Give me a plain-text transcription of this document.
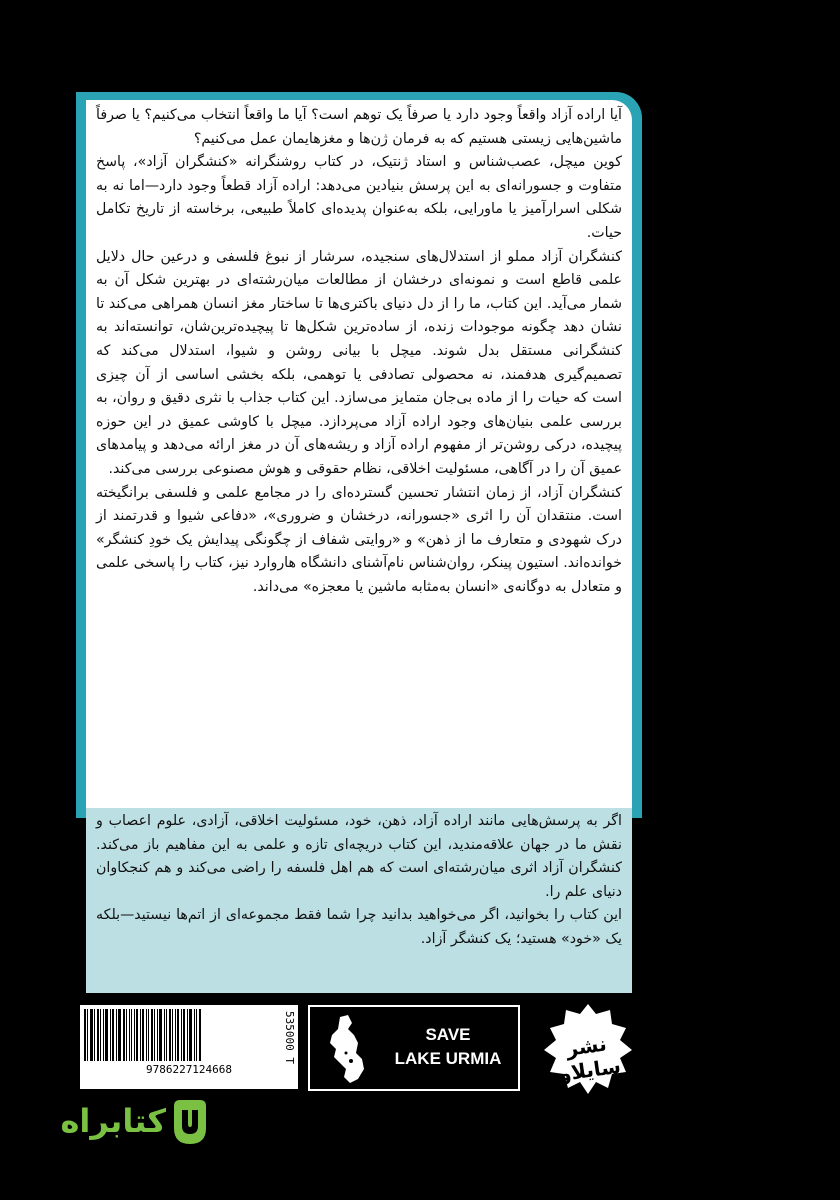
آیا اراده آزاد واقعاً وجود دارد یا صرفاً یک توهم است؟ آیا ما واقعاً انتخاب می‌کنیم؟ یا صرفاً ماشین‌هایی زیستی هستیم که به فرمان ژن‌ها و مغزهایمان عمل می‌کنیم؟

کوین میچل، عصب‌شناس و استاد ژنتیک، در کتاب روشنگرانه «کنشگران آزاد»، پاسخ متفاوت و جسورانه‌ای به این پرسش بنیادین می‌دهد: اراده آزاد قطعاً وجود دارد—اما نه به شکلی اسرارآمیز یا ماورایی، بلکه به‌عنوان پدیده‌ای کاملاً طبیعی، برخاسته از تاریخ تکامل حیات.

کنشگران آزاد مملو از استدلال‌های سنجیده، سرشار از نبوغ فلسفی و درعین حال دلایل علمی قاطع است و نمونه‌ای درخشان از مطالعات میان‌رشته‌ای در بهترین شکل آن به شمار می‌آید. این کتاب، ما را از دل دنیای باکتری‌ها تا ساختار مغز انسان همراهی می‌کند تا نشان دهد چگونه موجودات زنده، از ساده‌ترین شکل‌ها تا پیچیده‌ترین‌شان، توانسته‌اند به کنشگرانی مستقل بدل شوند. میچل با بیانی روشن و شیوا، استدلال می‌کند که تصمیم‌گیری هدفمند، نه محصولی تصادفی یا توهمی، بلکه بخشی اساسی از آن چیزی است که حیات را از ماده بی‌جان متمایز می‌سازد. این کتاب جذاب با نثری دقیق و روان، به بررسی علمی بنیان‌های وجود اراده آزاد می‌پردازد. میچل با کاوشی عمیق در این حوزه پیچیده، درکی روشن‌تر از مفهوم اراده آزاد و ریشه‌های آن در مغز ارائه می‌دهد و پیامدهای عمیق آن را در آگاهی، مسئولیت اخلاقی، نظام حقوقی و هوش مصنوعی بررسی می‌کند.

کنشگران آزاد، از زمان انتشار تحسین گسترده‌ای را در مجامع علمی و فلسفی برانگیخته است. منتقدان آن را اثری «جسورانه، درخشان و ضروری»، «دفاعی شیوا و قدرتمند از درک شهودی و متعارف ما از ذهن» و «روایتی شفاف از چگونگی پیدایش یک خودِ کنشگر» خوانده‌اند. استیون پینکر، روان‌شناس نام‌آشنای دانشگاه هاروارد نیز، کتاب را پاسخی علمی و متعادل به دوگانه‌ی «انسان به‌مثابه ماشین یا معجزه» می‌داند.

اگر به پرسش‌هایی مانند اراده آزاد، ذهن، خود، مسئولیت اخلاقی، آزادی، علوم اعصاب و نقش ما در جهان علاقه‌مندید، این کتاب دریچه‌ای تازه و علمی به این مفاهیم باز می‌کند. کنشگران آزاد اثری میان‌رشته‌ای است که هم اهل فلسفه را راضی می‌کند و هم کنجکاوان دنیای علم را.

این کتاب را بخوانید، اگر می‌خواهید بدانید چرا شما فقط مجموعه‌ای از اتم‌ها نیستید—بلکه یک «خود» هستید؛ یک کنشگر آزاد.

9786227124668
535000 T	SAVE
LAKE URMIA	نشر سایلاو
کتابراه
